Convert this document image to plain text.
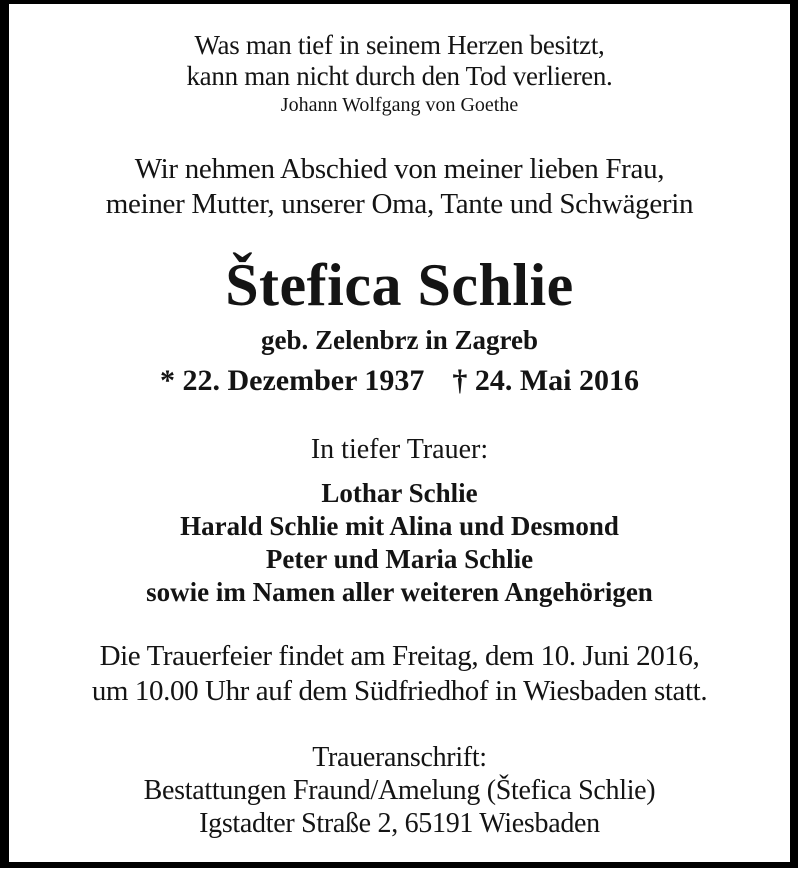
Was man tief in seinem Herzen besitzt,
kann man nicht durch den Tod verlieren.
Johann Wolfgang von Goethe
Wir nehmen Abschied von meiner lieben Frau,
meiner Mutter, unserer Oma, Tante und Schwägerin
Štefica Schlie
geb. Zelenbrz in Zagreb
* 22. Dezember 1937 † 24. Mai 2016
In tiefer Trauer:
Lothar Schlie
Harald Schlie mit Alina und Desmond
Peter und Maria Schlie
sowie im Namen aller weiteren Angehörigen
Die Trauerfeier findet am Freitag, dem 10. Juni 2016,
um 10.00 Uhr auf dem Südfriedhof in Wiesbaden statt.
Traueranschrift:
Bestattungen Fraund/Amelung (Štefica Schlie)
Igstadter Straße 2, 65191 Wiesbaden
